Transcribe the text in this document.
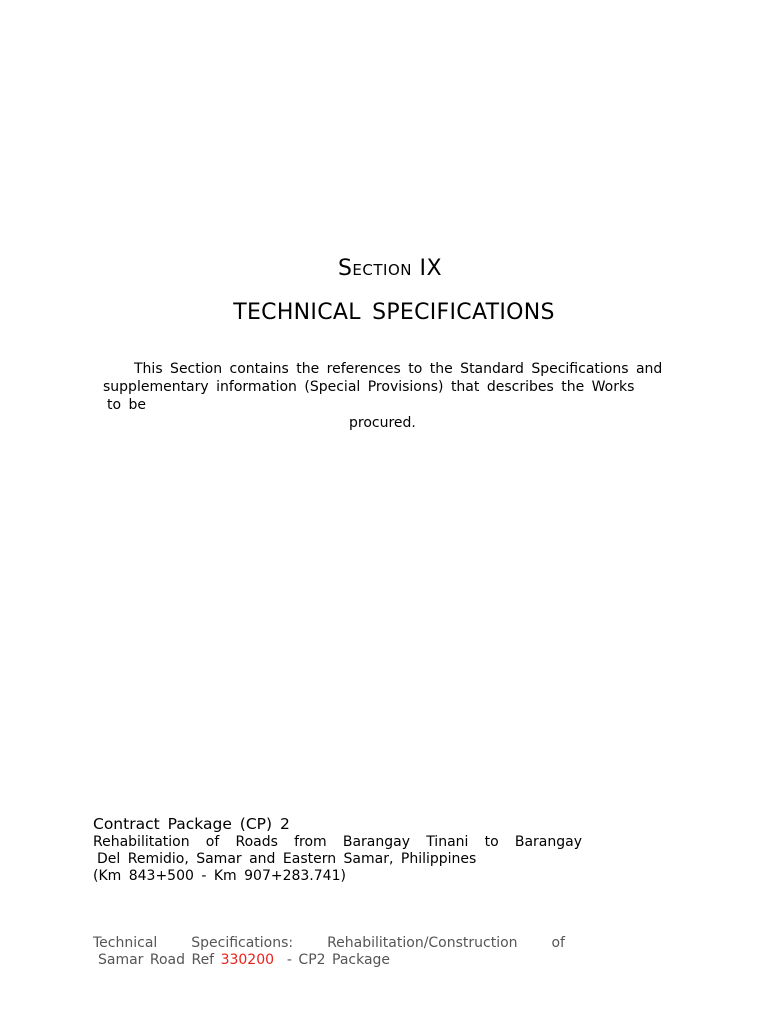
Section IX
TECHNICAL SPECIFICATIONS
This Section contains the references to the Standard Specifications and
supplementary information (Special Provisions) that describes the Works
to be
procured.
Contract Package (CP) 2
Rehabilitation of Roads from Barangay Tinani to Barangay
Del Remidio, Samar and Eastern Samar, Philippines
(Km 843+500 - Km 907+283.741)
Technical Specifications: Rehabilitation/Construction of
Samar Road Ref 330200 - CP2 Package
